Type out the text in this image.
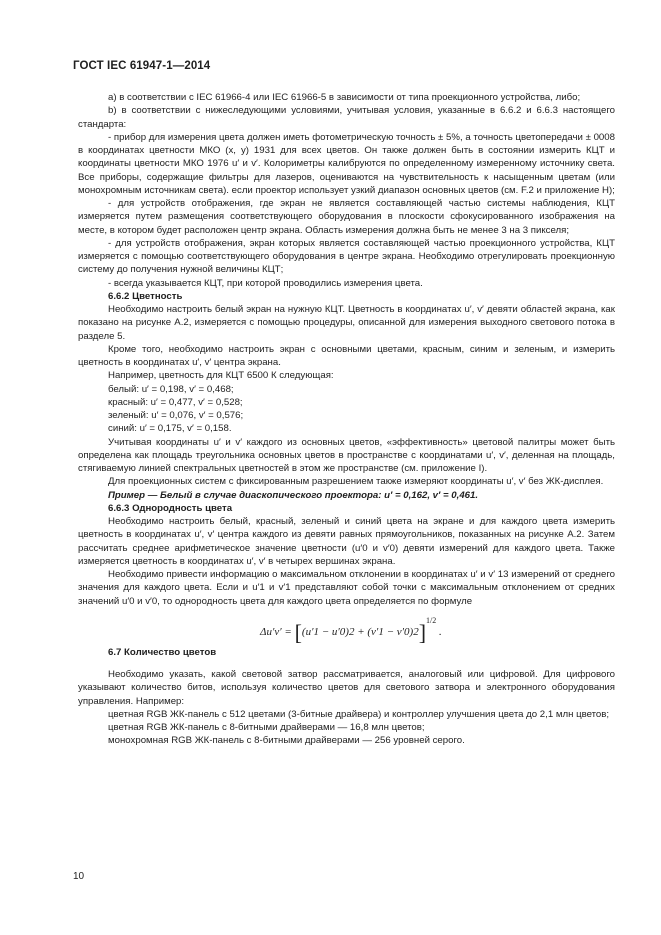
ГОСТ IEC 61947-1—2014

а) в соответствии с IEC 61966-4 или IEC 61966-5 в зависимости от типа проекционного устройства, либо;

b) в соответствии с нижеследующими условиями, учитывая условия, указанные в 6.6.2 и 6.6.3 настоящего стандарта:

- прибор для измерения цвета должен иметь фотометрическую точность ± 5%, а точность цветопередачи ± 0008 в координатах цветности МКО (x, y) 1931 для всех цветов. Он также должен быть в состоянии измерить КЦТ и координаты цветности МКО 1976 u′ и v′. Колориметры калибруются по определенному измеренному источнику света. Все приборы, содержащие фильтры для лазеров, оцениваются на чувствительность к насыщенным цветам (или монохромным источникам света). если проектор использует узкий диапазон основных цветов (см. F.2 и приложение Н);

- для устройств отображения, где экран не является составляющей частью системы наблюдения, КЦТ измеряется путем размещения соответствующего оборудования в плоскости сфокусированного изображения на месте, в котором будет расположен центр экрана. Область измерения должна быть не менее 3 на 3 пикселя;

- для устройств отображения, экран которых является составляющей частью проекционного устройства, КЦТ измеряется с помощью соответствующего оборудования в центре экрана. Необходимо отрегулировать проекционную систему до получения нужной величины КЦТ;

- всегда указывается КЦТ, при которой проводились измерения цвета.

6.6.2 Цветность

Необходимо настроить белый экран на нужную КЦТ. Цветность в координатах u′, v′ девяти областей экрана, как показано на рисунке А.2, измеряется с помощью процедуры, описанной для измерения выходного светового потока в разделе 5.

Кроме того, необходимо настроить экран с основными цветами, красным, синим и зеленым, и измерить цветность в координатах u′, v′ центра экрана.

Например, цветность для КЦТ 6500 К следующая:

белый: u′ = 0,198, v′ = 0,468;

красный: u′ = 0,477, v′ = 0,528;

зеленый: u′ = 0,076, v′ = 0,576;

синий: u′ = 0,175, v′ = 0,158.

Учитывая координаты u′ и v′ каждого из основных цветов, «эффективность» цветовой палитры может быть определена как площадь треугольника основных цветов в пространстве с координатами u′, v′, деленная на площадь, стягиваемую линией спектральных цветностей в этом же пространстве (см. приложение I).

Для проекционных систем с фиксированным разрешением также измеряют координаты u′, v′ без ЖК-дисплея.

Пример — Белый в случае диаскопического проектора: u′ = 0,162, v′ = 0,461.

6.6.3 Однородность цвета

Необходимо настроить белый, красный, зеленый и синий цвета на экране и для каждого цвета измерить цветность в координатах u′, v′ центра каждого из девяти равных прямоугольников, показанных на рисунке А.2. Затем рассчитать среднее арифметическое значение цветности (u′0 и v′0) девяти измерений для каждого цвета. Также измеряется цветность в координатах u′, v′ в четырех вершинах экрана.

Необходимо привести информацию о максимальном отклонении в координатах u′ и v′ 13 измерений от среднего значения для каждого цвета. Если и u′1 и v′1 представляют собой точки с максимальным отклонением от средних значений u′0 и v′0, то однородность цвета для каждого цвета определяется по формуле

$\Delta u'v' = [(u'1 - u'0)2 + (v'1 - v'0)2]^{1/2}$ .

6.7 Количество цветов

Необходимо указать, какой световой затвор рассматривается, аналоговый или цифровой. Для цифрового указывают количество битов, используя количество цветов для светового затвора и электронного оборудования управления. Например:

цветная RGB ЖК-панель с 512 цветами (3-битные драйвера) и контроллер улучшения цвета до 2,1 млн цветов;

цветная RGB ЖК-панель с 8-битными драйверами — 16,8 млн цветов;

монохромная RGB ЖК-панель с 8-битными драйверами — 256 уровней серого.

10
